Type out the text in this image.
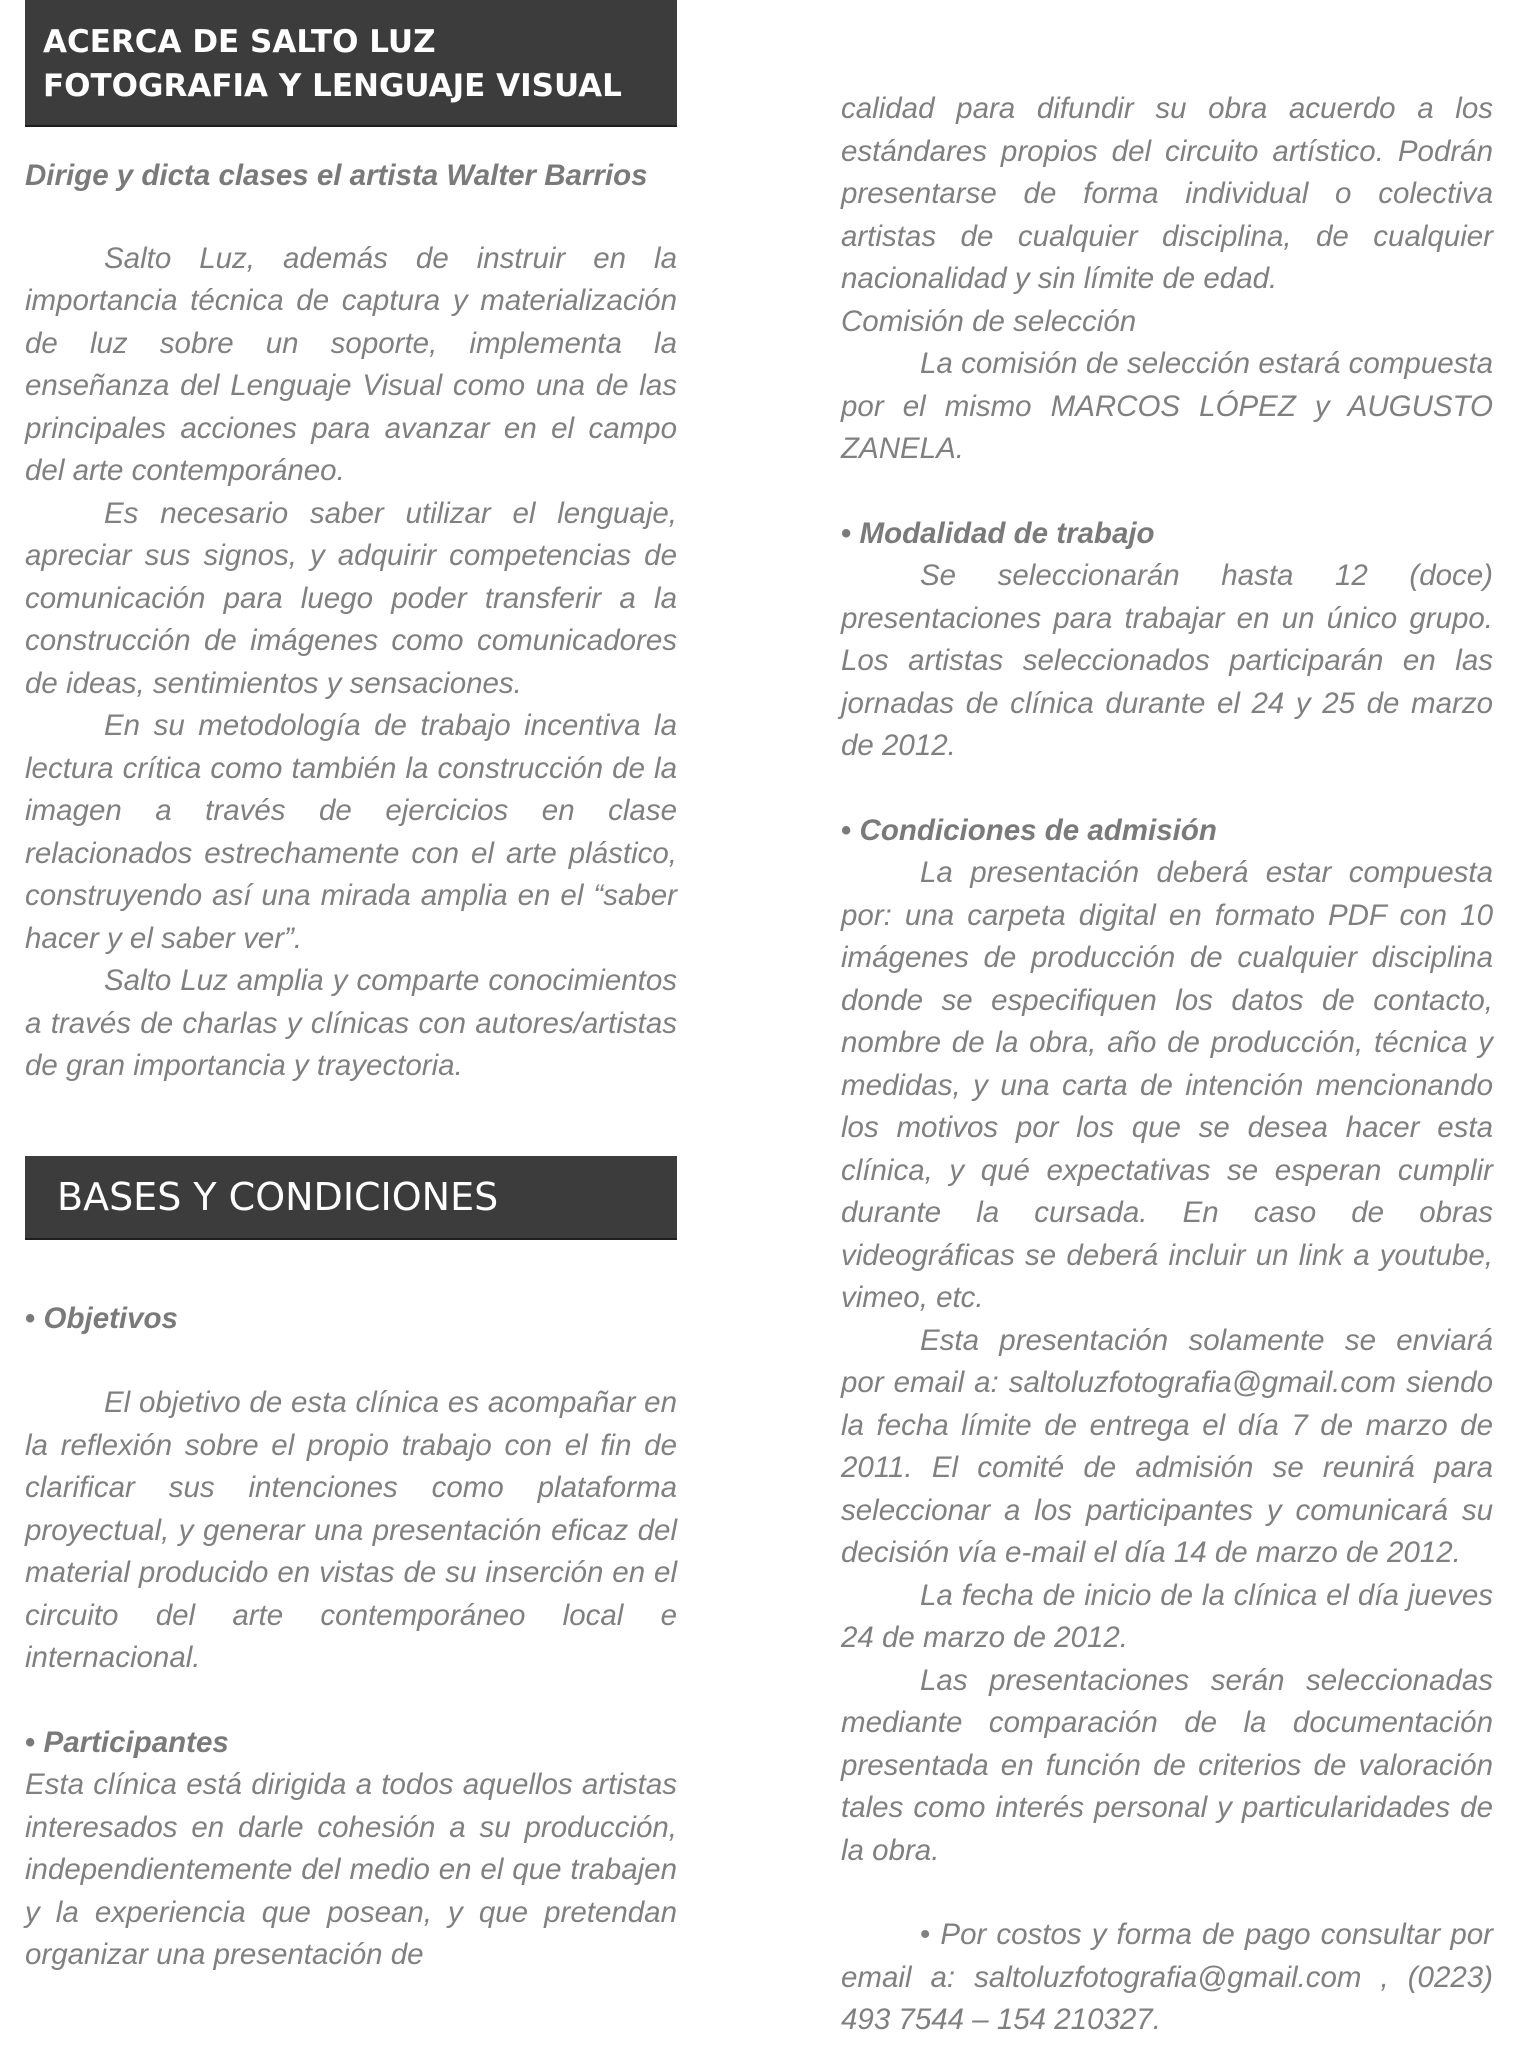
ACERCA DE SALTO LUZ FOTOGRAFIA Y LENGUAJE VISUAL

Dirige y dicta clases el artista Walter Barrios

Salto Luz, además de instruir en la importancia técnica de captura y materialización de luz sobre un soporte, implementa la enseñanza del Lenguaje Visual como una de las principales acciones para avanzar en el campo del arte contemporáneo.

Es necesario saber utilizar el lenguaje, apreciar sus signos, y adquirir competencias de comunicación para luego poder transferir a la construcción de imágenes como comunicadores de ideas, sentimientos y sensaciones.

En su metodología de trabajo incentiva la lectura crítica como también la construcción de la imagen a través de ejercicios en clase relacionados estrechamente con el arte plástico, construyendo así una mirada amplia en el “saber hacer y el saber ver”.

Salto Luz amplia y comparte conocimientos a través de charlas y clínicas con autores/artistas de gran importancia y trayectoria.

BASES Y CONDICIONES

• Objetivos

El objetivo de esta clínica es acompañar en la reflexión sobre el propio trabajo con el fin de clarificar sus intenciones como plataforma proyectual, y generar una presentación eficaz del material producido en vistas de su inserción en el circuito del arte contemporáneo local e internacional.

• Participantes

Esta clínica está dirigida a todos aquellos artistas interesados en darle cohesión a su producción, independientemente del medio en el que trabajen y la experiencia que posean, y que pretendan organizar una presentación de

calidad para difundir su obra acuerdo a los estándares propios del circuito artístico. Podrán presentarse de forma individual o colectiva artistas de cualquier disciplina, de cualquier nacionalidad y sin límite de edad.

Comisión de selección

La comisión de selección estará compuesta por el mismo MARCOS LÓPEZ y AUGUSTO ZANELA.

• Modalidad de trabajo

Se seleccionarán hasta 12 (doce) presentaciones para trabajar en un único grupo. Los artistas seleccionados participarán en las jornadas de clínica durante el 24 y 25 de marzo de 2012.

• Condiciones de admisión

La presentación deberá estar compuesta por: una carpeta digital en formato PDF con 10 imágenes de producción de cualquier disciplina donde se especifiquen los datos de contacto, nombre de la obra, año de producción, técnica y medidas, y una carta de intención mencionando los motivos por los que se desea hacer esta clínica, y qué expectativas se esperan cumplir durante la cursada. En caso de obras videográficas se deberá incluir un link a youtube, vimeo, etc.

Esta presentación solamente se enviará por email a: saltoluzfotografia@gmail.com siendo la fecha límite de entrega el día 7 de marzo de 2011. El comité de admisión se reunirá para seleccionar a los participantes y comunicará su decisión vía e-mail el día 14 de marzo de 2012.

La fecha de inicio de la clínica el día jueves 24 de marzo de 2012.

Las presentaciones serán seleccionadas mediante comparación de la documentación presentada en función de criterios de valoración tales como interés personal y particularidades de la obra.

• Por costos y forma de pago consultar por email a: saltoluzfotografia@gmail.com , (0223) 493 7544 – 154 210327.
